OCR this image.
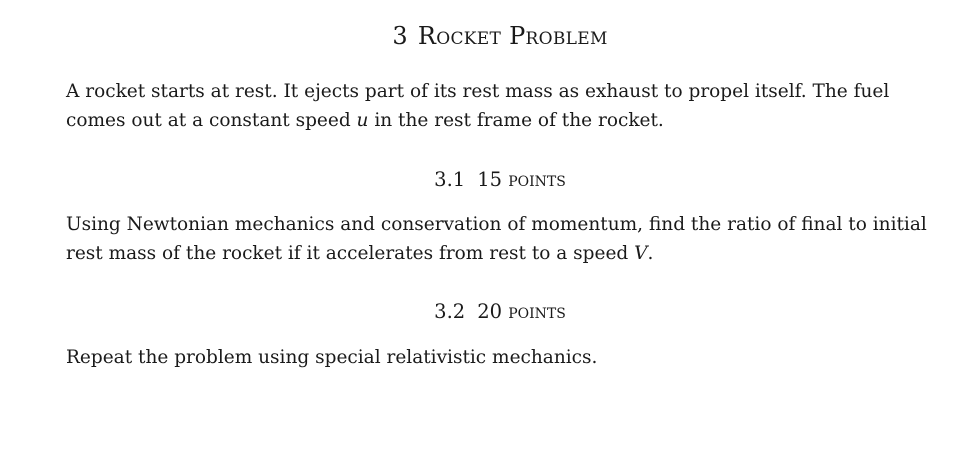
3 Rocket Problem
A rocket starts at rest. It ejects part of its rest mass as exhaust to propel itself. The fuel comes out at a constant speed u in the rest frame of the rocket.
3.1 15 points
Using Newtonian mechanics and conservation of momentum, find the ratio of final to initial rest mass of the rocket if it accelerates from rest to a speed V.
3.2 20 points
Repeat the problem using special relativistic mechanics.
